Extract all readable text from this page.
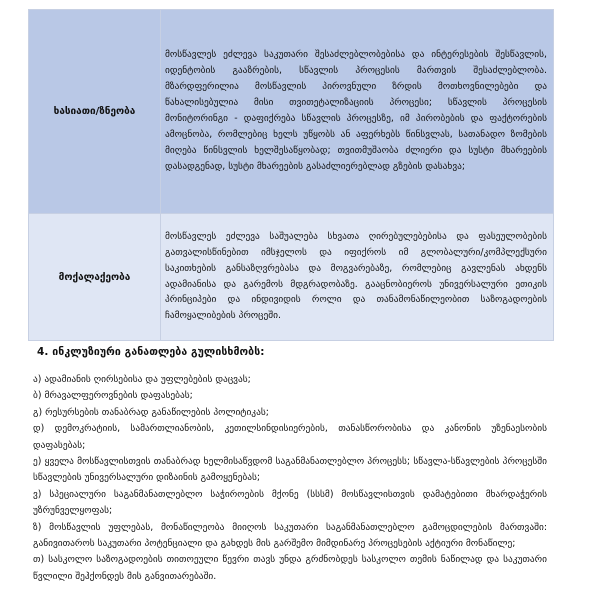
ხასიათი/ზნეობა	მოსწავლეს ეძლევა საკუთარი შესაძლებლობებისა და ინტერესების შესწავლის, იდენტობის გააზრების, სწავლის პროცესის მართვის შესაძლებლობა. მზარდფერილია მოსწავლის პიროვნული ზრდის მოთხოვნილებები და წახალისებულია მისი თვითეტალიზაციის პროცესი; სწავლის პროცესის მონიტორინგი - დაფიქრება სწავლის პროცესზე, იმ პირობების და ფაქტორების ამოცნობა, რომლებიც ხელს უწყობს ან აფერხებს წინსვლას, სათანადო ზომების მიღება წინსვლის ხელშესაწყობად; თვითმუშაობა ძლიერი და სუსტი მხარეების დასადგენად, სუსტი მხარეების გასაძლიერებლად გზების დასახვა;
მოქალაქეობა	მოსწავლეს ეძლევა საშუალება სხვათა ღირებულებებისა და ფასეულობების გათვალისწინებით იმსჯელოს და იფიქროს იმ გლობალური/კომპლექსური საკითხების განსაზღვრებასა და მოგვარებაზე, რომლებიც გავლენას ახდენს ადამიანისა და გარემოს მდგრადობაზე. გააცნობიეროს უნივერსალური ეთიკის პრინციპები და ინდივიდის როლი და თანამონაწილეობით საზოგადოების ჩამოყალიბების პროცეში.
4. ინკლუზიური განათლება გულისხმობს:
ა) ადამიანის ღირსებისა და უფლებების დაცვას;
ბ) მრავალფეროვნების დაფასებას;
გ) რესურსების თანაბრად განაწილების პოლიტიკას;
დ) დემოკრატიის, სამართლიანობის, კეთილსინდისიერების, თანასწორობისა და კანონის უზენაესობის დაფასებას;
ე) ყველა მოსწავლისთვის თანაბრად ხელმისაწვდომ საგანმანათლებლო პროცესს; სწავლა-სწავლების პროცესში სწავლების უნივერსალური დიზაინის გამოყენებას;
ვ) სპეციალური საგანმანათლებლო საჭიროების მქონე (სსსმ) მოსწავლისთვის დამატებითი მხარდაჭერის უზრუნველყოფას;
ზ) მოსწავლის უფლებას, მონაწილეობა მიიღოს საკუთარი საგანმანათლებლო გამოცდილების მართვაში: განივითაროს საკუთარი პოტენციალი და გახდეს მის გარშემო მიმდინარე პროცესების აქტიური მონაწილე;
თ) სასკოლო საზოგადოების თითოეული წევრი თავს უნდა გრძნობდეს სასკოლო თემის ნაწილად და საკუთარი წვლილი შეჰქონდეს მის განვითარებაში.
